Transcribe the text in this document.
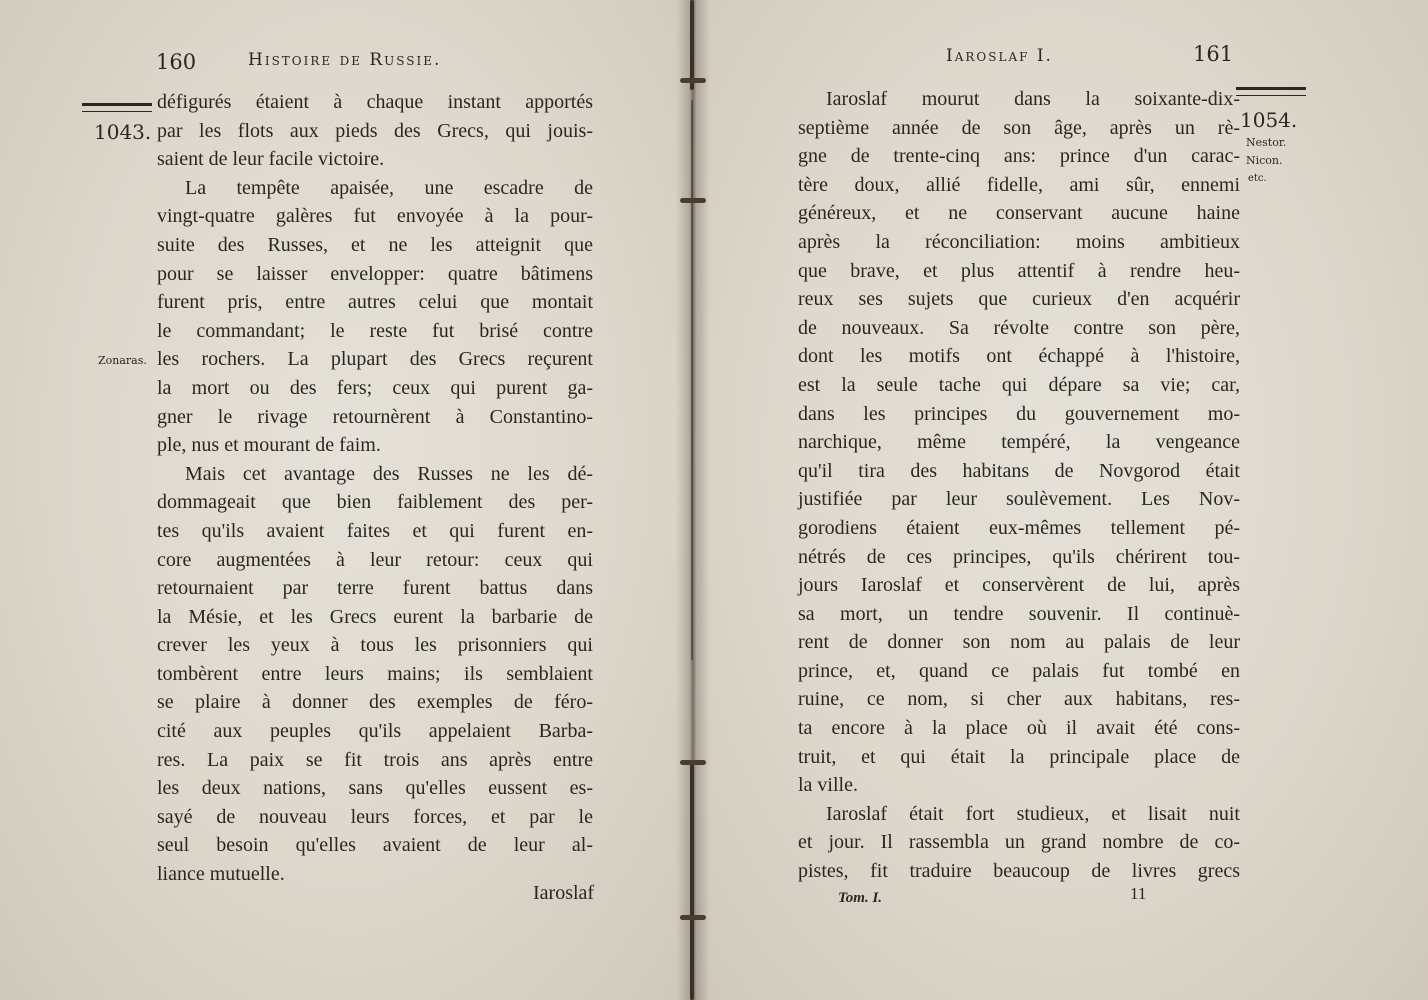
160	Histoire de Russie.
1043.
Zonaras.
défigurés étaient à chaque instant apportés
par les flots aux pieds des Grecs, qui jouis-
saient de leur facile victoire.
La tempête apaisée, une escadre de
vingt-quatre galères fut envoyée à la pour-
suite des Russes, et ne les atteignit que
pour se laisser envelopper: quatre bâtimens
furent pris, entre autres celui que montait
le commandant; le reste fut brisé contre
les rochers. La plupart des Grecs reçurent
la mort ou des fers; ceux qui purent ga-
gner le rivage retournèrent à Constantino-
ple, nus et mourant de faim.
Mais cet avantage des Russes ne les dé-
dommageait que bien faiblement des per-
tes qu'ils avaient faites et qui furent en-
core augmentées à leur retour: ceux qui
retournaient par terre furent battus dans
la Mésie, et les Grecs eurent la barbarie de
crever les yeux à tous les prisonniers qui
tombèrent entre leurs mains; ils semblaient
se plaire à donner des exemples de féro-
cité aux peuples qu'ils appelaient Barba-
res. La paix se fit trois ans après entre
les deux nations, sans qu'elles eussent es-
sayé de nouveau leurs forces, et par le
seul besoin qu'elles avaient de leur al-
liance mutuelle.
Iaroslaf
Iaroslaf I.	161
1054.
Nestor.
Nicon.
etc.
Iaroslaf mourut dans la soixante-dix-
septième année de son âge, après un rè-
gne de trente-cinq ans: prince d'un carac-
tère doux, allié fidelle, ami sûr, ennemi
généreux, et ne conservant aucune haine
après la réconciliation: moins ambitieux
que brave, et plus attentif à rendre heu-
reux ses sujets que curieux d'en acquérir
de nouveaux. Sa révolte contre son père,
dont les motifs ont échappé à l'histoire,
est la seule tache qui dépare sa vie; car,
dans les principes du gouvernement mo-
narchique, même tempéré, la vengeance
qu'il tira des habitans de Novgorod était
justifiée par leur soulèvement. Les Nov-
gorodiens étaient eux-mêmes tellement pé-
nétrés de ces principes, qu'ils chérirent tou-
jours Iaroslaf et conservèrent de lui, après
sa mort, un tendre souvenir. Il continuè-
rent de donner son nom au palais de leur
prince, et, quand ce palais fut tombé en
ruine, ce nom, si cher aux habitans, res-
ta encore à la place où il avait été cons-
truit, et qui était la principale place de
la ville.
Iaroslaf était fort studieux, et lisait nuit
et jour. Il rassembla un grand nombre de co-
pistes, fit traduire beaucoup de livres grecs
Tom. I.	11
